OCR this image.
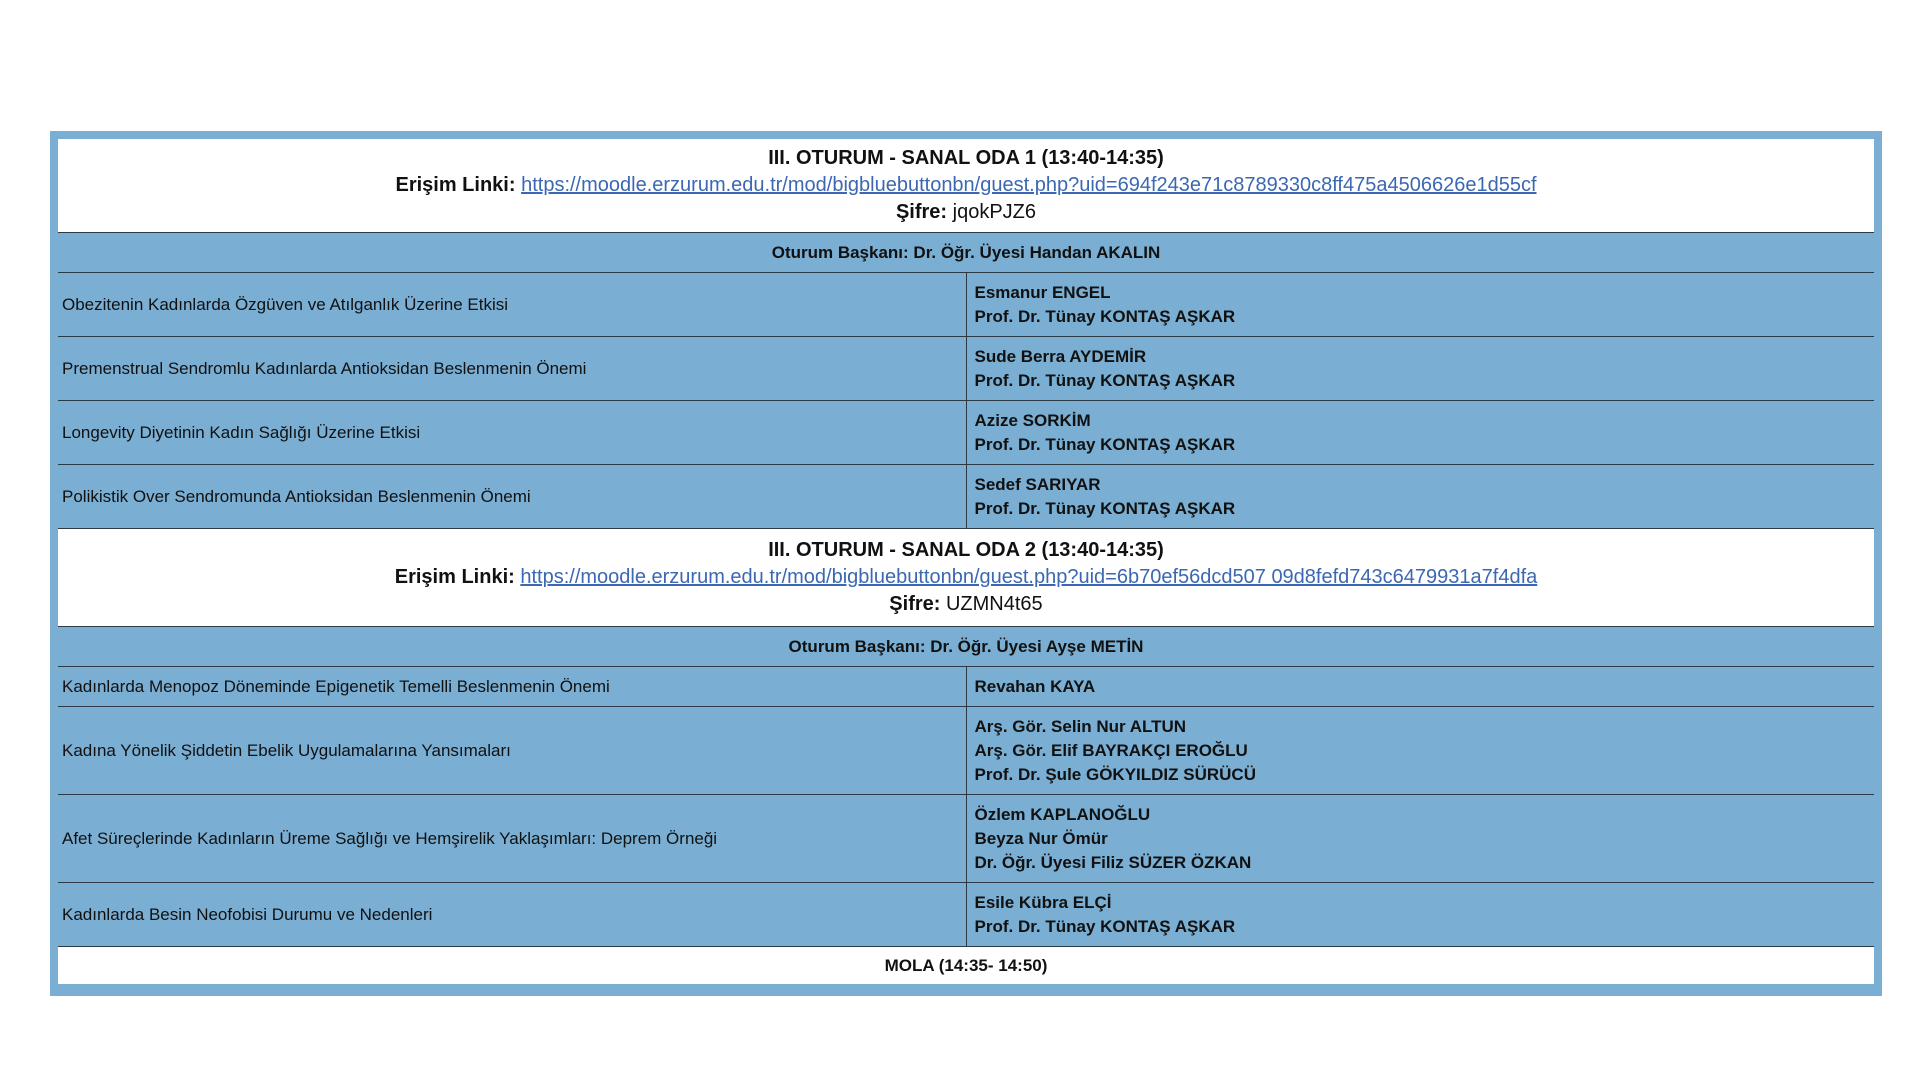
III. OTURUM - SANAL ODA 1 (13:40-14:35)
Erişim Linki: https://moodle.erzurum.edu.tr/mod/bigbluebuttonbn/guest.php?uid=694f243e71c8789330c8ff475a4506626e1d55cf
Şifre: jqokPJZ6	

Oturum Başkanı: Dr. Öğr. Üyesi Handan AKALIN	
Obezitenin Kadınlarda Özgüven ve Atılganlık Üzerine Etkisi	Esmanur ENGEL
Prof. Dr. Tünay KONTAŞ AŞKAR

Premenstrual Sendromlu Kadınlarda Antioksidan Beslenmenin Önemi	Sude Berra AYDEMİR
Prof. Dr. Tünay KONTAŞ AŞKAR

Longevity Diyetinin Kadın Sağlığı Üzerine Etkisi	Azize SORKİM
Prof. Dr. Tünay KONTAŞ AŞKAR

Polikistik Over Sendromunda Antioksidan Beslenmenin Önemi	Sedef SARIYAR
Prof. Dr. Tünay KONTAŞ AŞKAR

III. OTURUM - SANAL ODA 2 (13:40-14:35)
Erişim Linki: https://moodle.erzurum.edu.tr/mod/bigbluebuttonbn/guest.php?uid=6b70ef56dcd507 09d8fefd743c6479931a7f4dfa
Şifre: UZMN4t65	

Oturum Başkanı: Dr. Öğr. Üyesi Ayşe METİN	
Kadınlarda Menopoz Döneminde Epigenetik Temelli Beslenmenin Önemi	Revahan KAYA

Kadına Yönelik Şiddetin Ebelik Uygulamalarına Yansımaları	Arş. Gör. Selin Nur ALTUN
Arş. Gör. Elif BAYRAKÇI EROĞLU
Prof. Dr. Şule GÖKYILDIZ SÜRÜCÜ

Afet Süreçlerinde Kadınların Üreme Sağlığı ve Hemşirelik Yaklaşımları: Deprem Örneği	Özlem KAPLANOĞLU
Beyza Nur Ömür
Dr. Öğr. Üyesi Filiz SÜZER ÖZKAN

Kadınlarda Besin Neofobisi Durumu ve Nedenleri	Esile Kübra ELÇİ
Prof. Dr. Tünay KONTAŞ AŞKAR

MOLA (14:35- 14:50)	
